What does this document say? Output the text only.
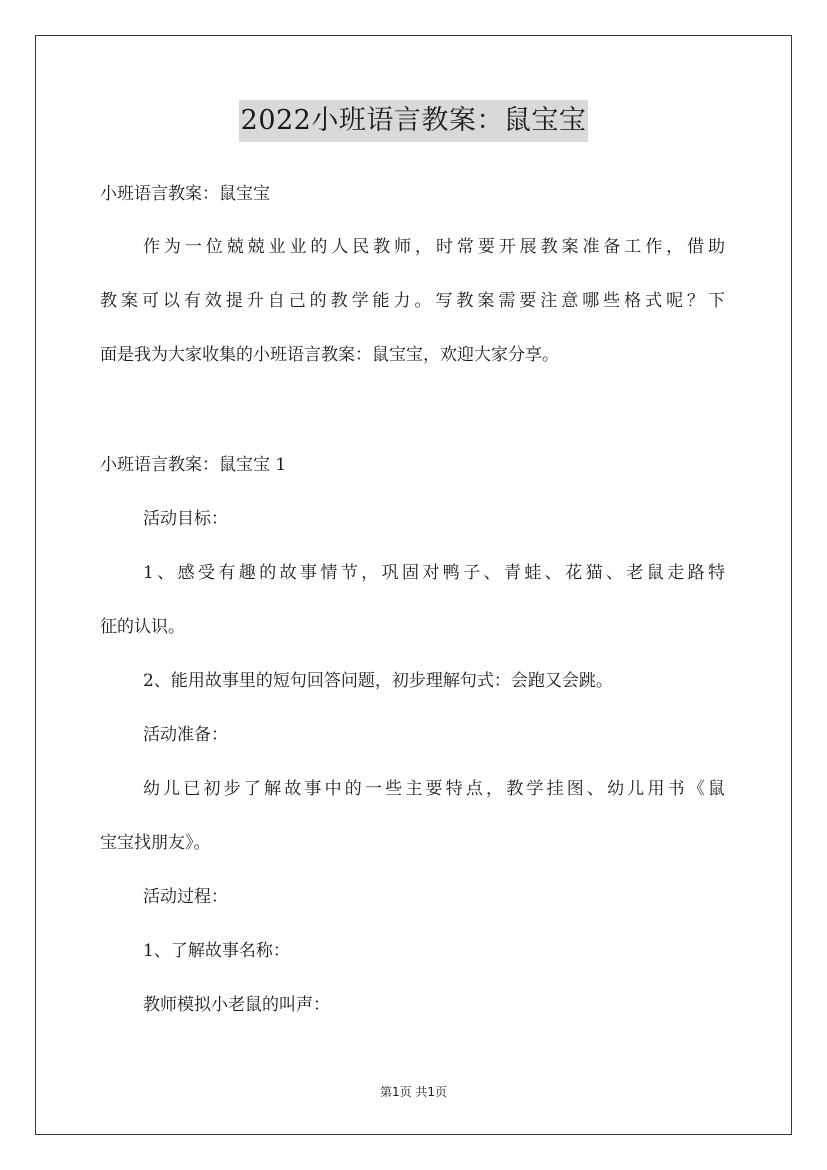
2022小班语言教案：鼠宝宝
小班语言教案：鼠宝宝
作为一位兢兢业业的人民教师，时常要开展教案准备工作，借助
教案可以有效提升自己的教学能力。写教案需要注意哪些格式呢？下
面是我为大家收集的小班语言教案：鼠宝宝，欢迎大家分享。
小班语言教案：鼠宝宝 1
活动目标：
1、感受有趣的故事情节，巩固对鸭子、青蛙、花猫、老鼠走路特
征的认识。
2、能用故事里的短句回答问题，初步理解句式：会跑又会跳。
活动准备：
幼儿已初步了解故事中的一些主要特点，教学挂图、幼儿用书《鼠
宝宝找朋友》。
活动过程：
1、了解故事名称：
教师模拟小老鼠的叫声：
第1页 共1页
